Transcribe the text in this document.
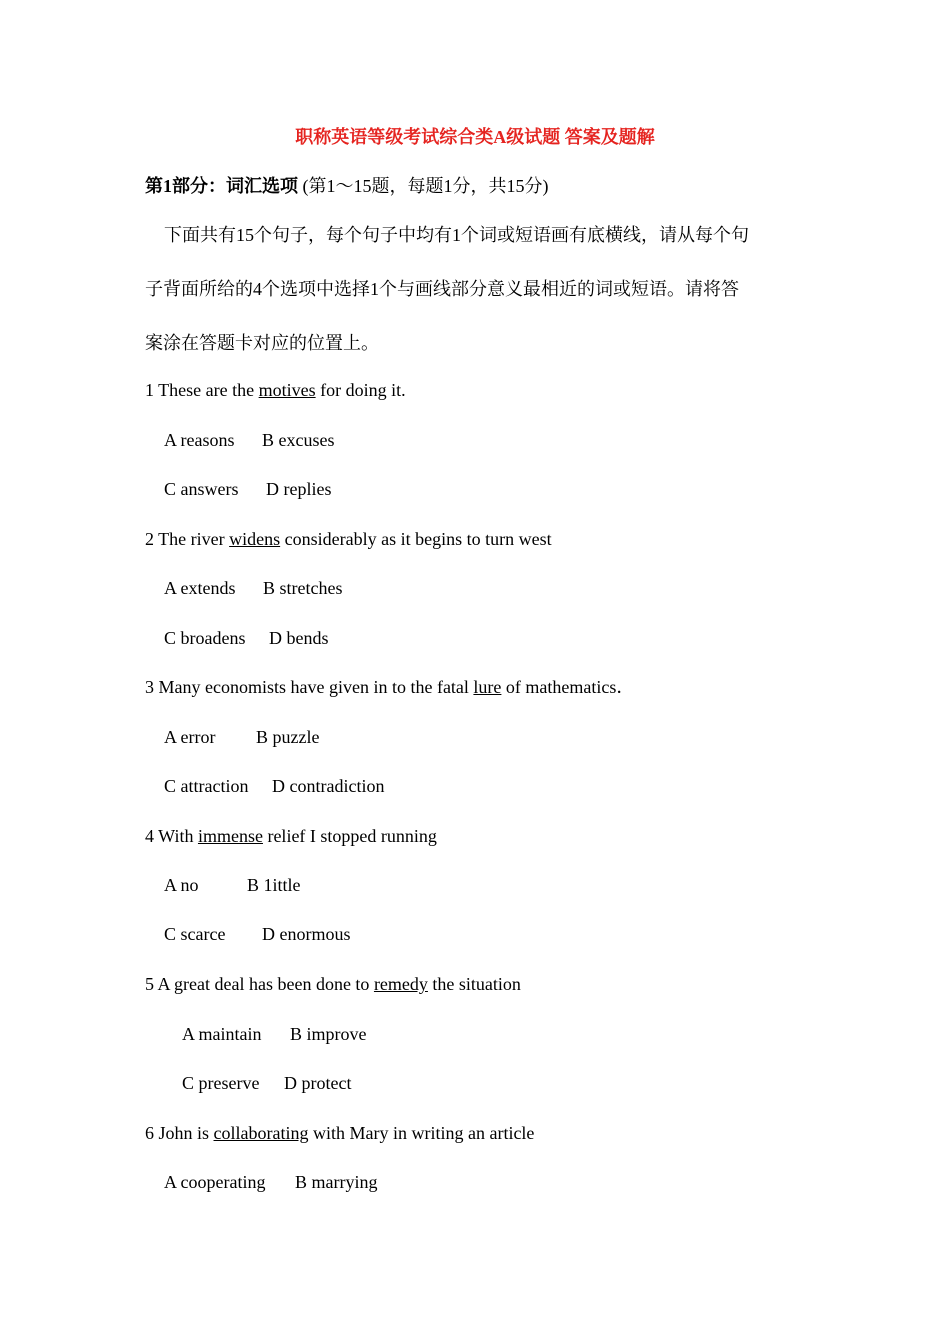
职称英语等级考试综合类A级试题 答案及题解
第1部分：词汇选项 (第1～15题，每题1分，共15分)
下面共有15个句子，每个句子中均有1个词或短语画有底横线，请从每个句
子背面所给的4个选项中选择1个与画线部分意义最相近的词或短语。请将答
案涂在答题卡对应的位置上。
1 These are the motives for doing it.
A reasons B excuses
C answers D replies
2 The river widens considerably as it begins to turn west
A extends B stretches
C broadens D bends
3 Many economists have given in to the fatal lure of mathematics．
A error B puzzle
C attraction D contradiction
4 With immense relief I stopped running
A no	B 1ittle
C scarce D enormous
5 A great deal has been done to remedy the situation
A maintain B improve
C preserve D protect
6 John is collaborating with Mary in writing an article
A cooperating B marrying
